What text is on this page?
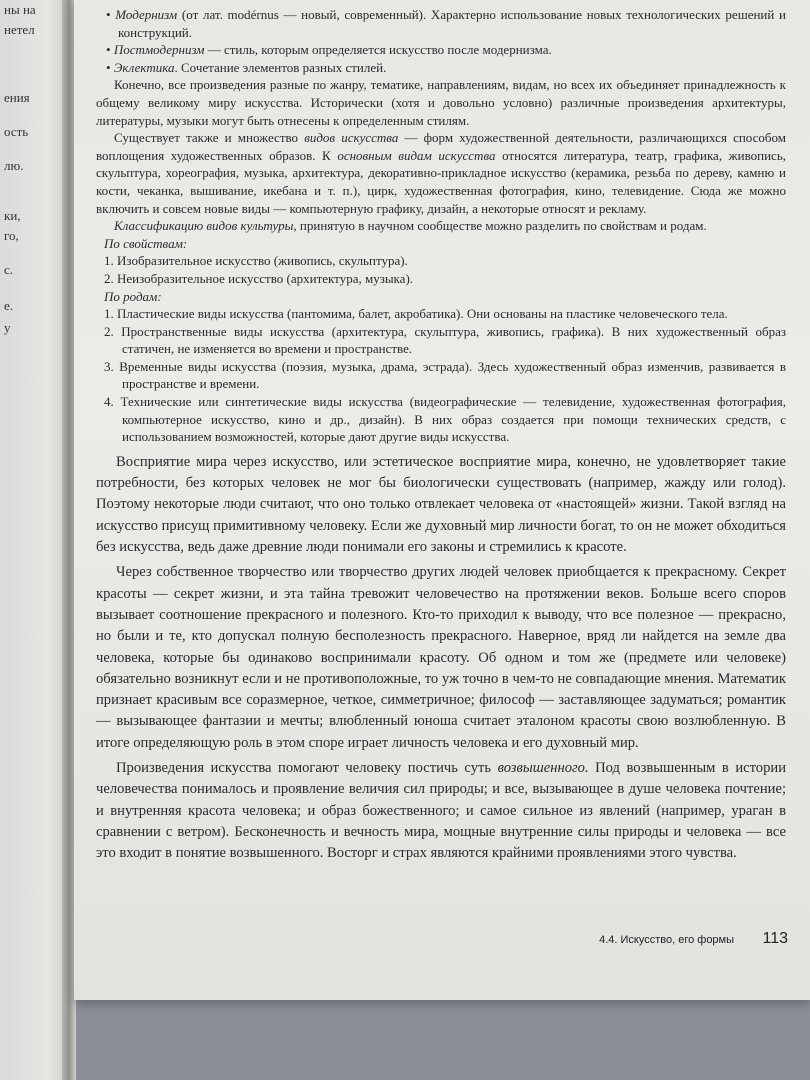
ны на
нетел
ения
ость
лю.
ки,
го,
с.
е.
у

• Модернизм (от лат. modérnus — новый, современный). Характерно использование новых технологических решений и конструкций.

• Постмодернизм — стиль, которым определяется искусство после модернизма.

• Эклектика. Сочетание элементов разных стилей.

Конечно, все произведения разные по жанру, тематике, направлениям, видам, но всех их объединяет принадлежность к общему великому миру искусства. Исторически (хотя и довольно условно) различные произведения архитектуры, литературы, музыки могут быть отнесены к определенным стилям.

Существует также и множество видов искусства — форм художественной деятельности, различающихся способом воплощения художественных образов. К основным видам искусства относятся литература, театр, графика, живопись, скульптура, хореография, музыка, архитектура, декоративно-прикладное искусство (керамика, резьба по дереву, камню и кости, чеканка, вышивание, икебана и т. п.), цирк, художественная фотография, кино, телевидение. Сюда же можно включить и совсем новые виды — компьютерную графику, дизайн, а некоторые относят и рекламу.

Классификацию видов культуры, принятую в научном сообществе можно разделить по свойствам и родам.

По свойствам:

1. Изобразительное искусство (живопись, скульптура).

2. Неизобразительное искусство (архитектура, музыка).

По родам:

1. Пластические виды искусства (пантомима, балет, акробатика). Они основаны на пластике человеческого тела.

2. Пространственные виды искусства (архитектура, скульптура, живопись, графика). В них художественный образ статичен, не изменяется во времени и пространстве.

3. Временные виды искусства (поэзия, музыка, драма, эстрада). Здесь художественный образ изменчив, развивается в пространстве и времени.

4. Технические или синтетические виды искусства (видеографические — телевидение, художественная фотография, компьютерное искусство, кино и др., дизайн). В них образ создается при помощи технических средств, с использованием возможностей, которые дают другие виды искусства.

Восприятие мира через искусство, или эстетическое восприятие мира, конечно, не удовлетворяет такие потребности, без которых человек не мог бы биологически существовать (например, жажду или голод). Поэтому некоторые люди считают, что оно только отвлекает человека от «настоящей» жизни. Такой взгляд на искусство присущ примитивному человеку. Если же духовный мир личности богат, то он не может обходиться без искусства, ведь даже древние люди понимали его законы и стремились к красоте.

Через собственное творчество или творчество других людей человек приобщается к прекрасному. Секрет красоты — секрет жизни, и эта тайна тревожит человечество на протяжении веков. Больше всего споров вызывает соотношение прекрасного и полезного. Кто-то приходил к выводу, что все полезное — прекрасно, но были и те, кто допускал полную бесполезность прекрасного. Наверное, вряд ли найдется на земле два человека, которые бы одинаково воспринимали красоту. Об одном и том же (предмете или человеке) обязательно возникнут если и не противоположные, то уж точно в чем-то не совпадающие мнения. Математик признает красивым все соразмерное, четкое, симметричное; философ — заставляющее задуматься; романтик — вызывающее фантазии и мечты; влюбленный юноша считает эталоном красоты свою возлюбленную. В итоге определяющую роль в этом споре играет личность человека и его духовный мир.

Произведения искусства помогают человеку постичь суть возвышенного. Под возвышенным в истории человечества понималось и проявление величия сил природы; и все, вызывающее в душе человека почтение; и внутренняя красота человека; и образ божественного; и самое сильное из явлений (например, ураган в сравнении с ветром). Бесконечность и вечность мира, мощные внутренние силы природы и человека — все это входит в понятие возвышенного. Восторг и страх являются крайними проявлениями этого чувства.

4.4. Искусство, его формы 113
